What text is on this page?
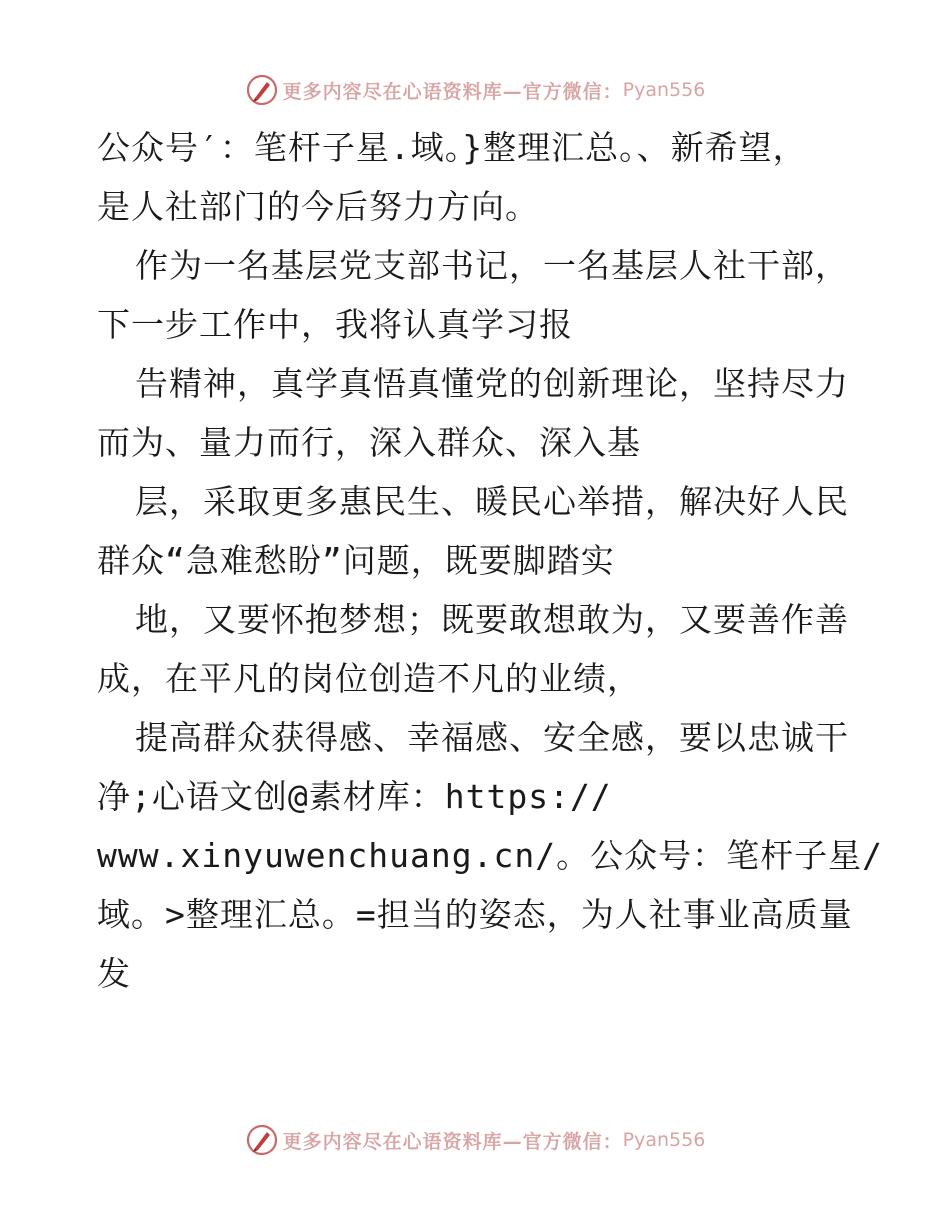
更多内容尽在心语资料库—官方微信： Pyan556
公众号′：笔杆子星.域。}整理汇总。、新希望，
是人社部门的今后努力方向。
作为一名基层党支部书记，一名基层人社干部，
下一步工作中，我将认真学习报
告精神，真学真悟真懂党的创新理论，坚持尽力
而为、量力而行，深入群众、深入基
层，采取更多惠民生、暖民心举措，解决好人民
群众“急难愁盼”问题，既要脚踏实
地，又要怀抱梦想；既要敢想敢为，又要善作善
成，在平凡的岗位创造不凡的业绩，
提高群众获得感、幸福感、安全感，要以忠诚干
净;心语文创@素材库：https://
www.xinyuwenchuang.cn/。公众号：笔杆子星/
域。>整理汇总。=担当的姿态，为人社事业高质量
发
更多内容尽在心语资料库—官方微信： Pyan556
